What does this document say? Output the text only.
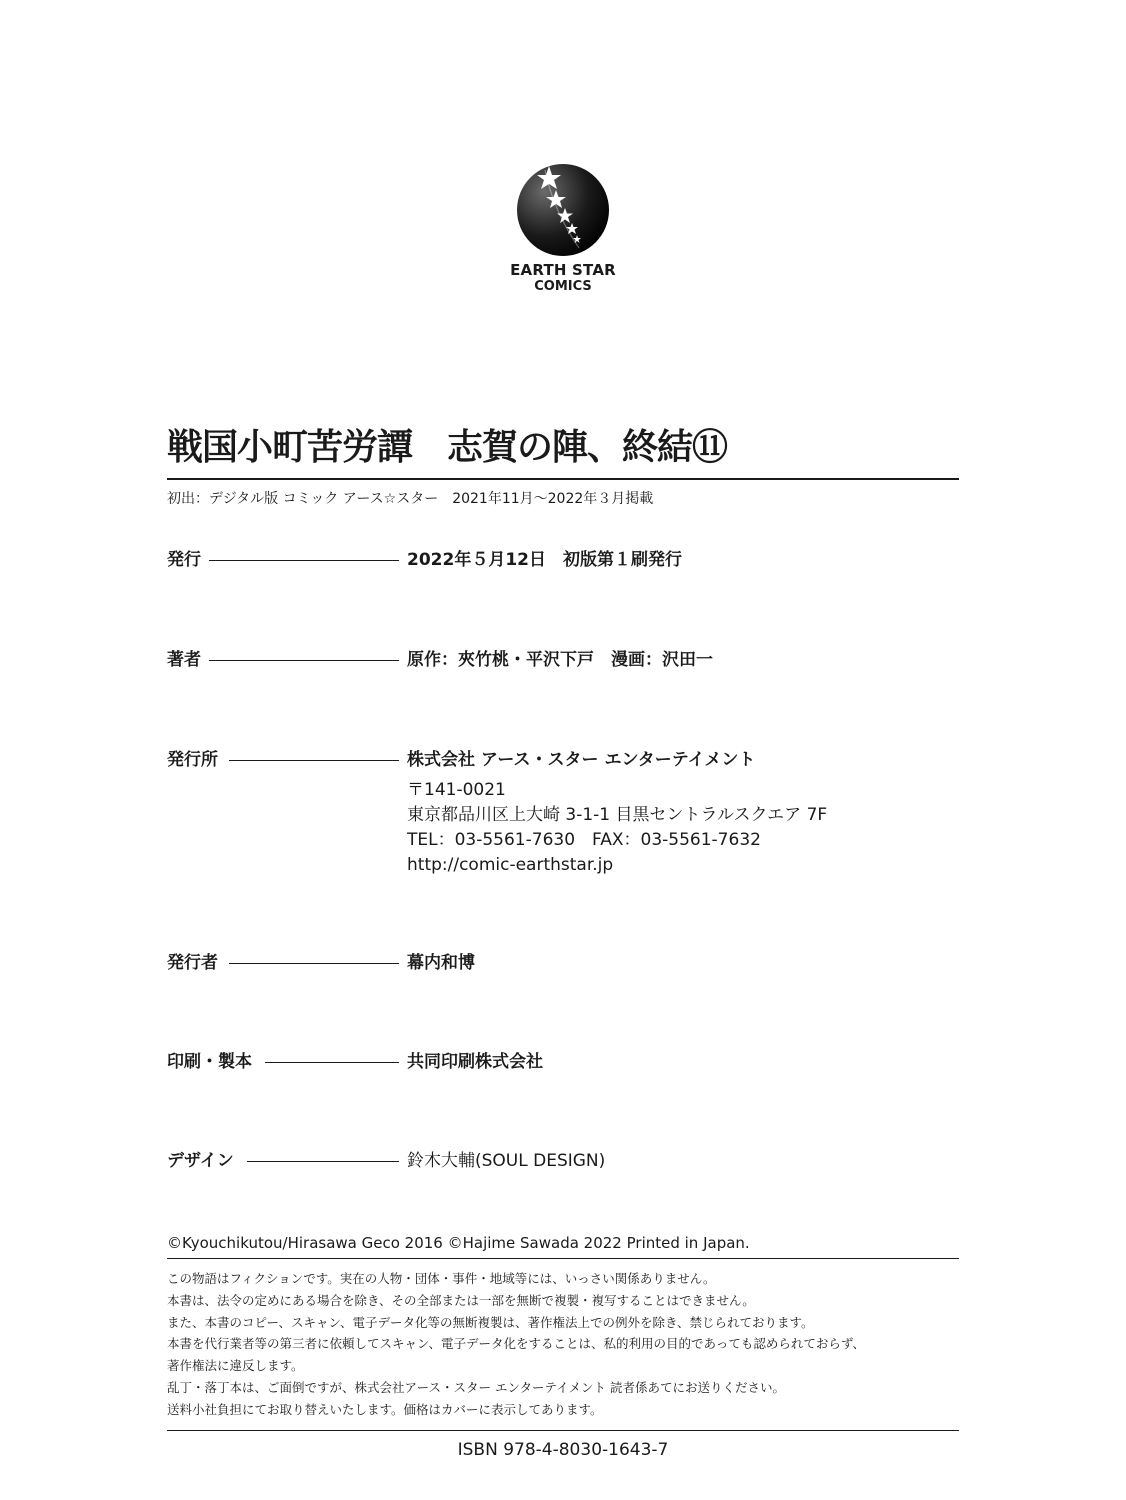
EARTH STAR
COMICS
戦国小町苦労譚　志賀の陣、終結⑪
初出：デジタル版 コミック アース☆スター　2021年11月〜2022年３月掲載
発行	2022年５月12日　初版第１刷発行
著者	原作：夾竹桃・平沢下戸　漫画：沢田一
発行所	株式会社 アース・スター エンターテイメント
〒141-0021
東京都品川区上大崎 3-1-1 目黒セントラルスクエア 7F
TEL：03-5561-7630　FAX：03-5561-7632
http://comic-earthstar.jp
発行者	幕内和博
印刷・製本	共同印刷株式会社
デザイン	鈴木大輔(SOUL DESIGN)
©Kyouchikutou/Hirasawa Geco 2016 ©Hajime Sawada 2022 Printed in Japan.
この物語はフィクションです。実在の人物・団体・事件・地域等には、いっさい関係ありません。
本書は、法令の定めにある場合を除き、その全部または一部を無断で複製・複写することはできません。
また、本書のコピー、スキャン、電子データ化等の無断複製は、著作権法上での例外を除き、禁じられております。
本書を代行業者等の第三者に依頼してスキャン、電子データ化をすることは、私的利用の目的であっても認められておらず、
著作権法に違反します。
乱丁・落丁本は、ご面倒ですが、株式会社アース・スター エンターテイメント 読者係あてにお送りください。
送料小社負担にてお取り替えいたします。価格はカバーに表示してあります。
ISBN 978-4-8030-1643-7
